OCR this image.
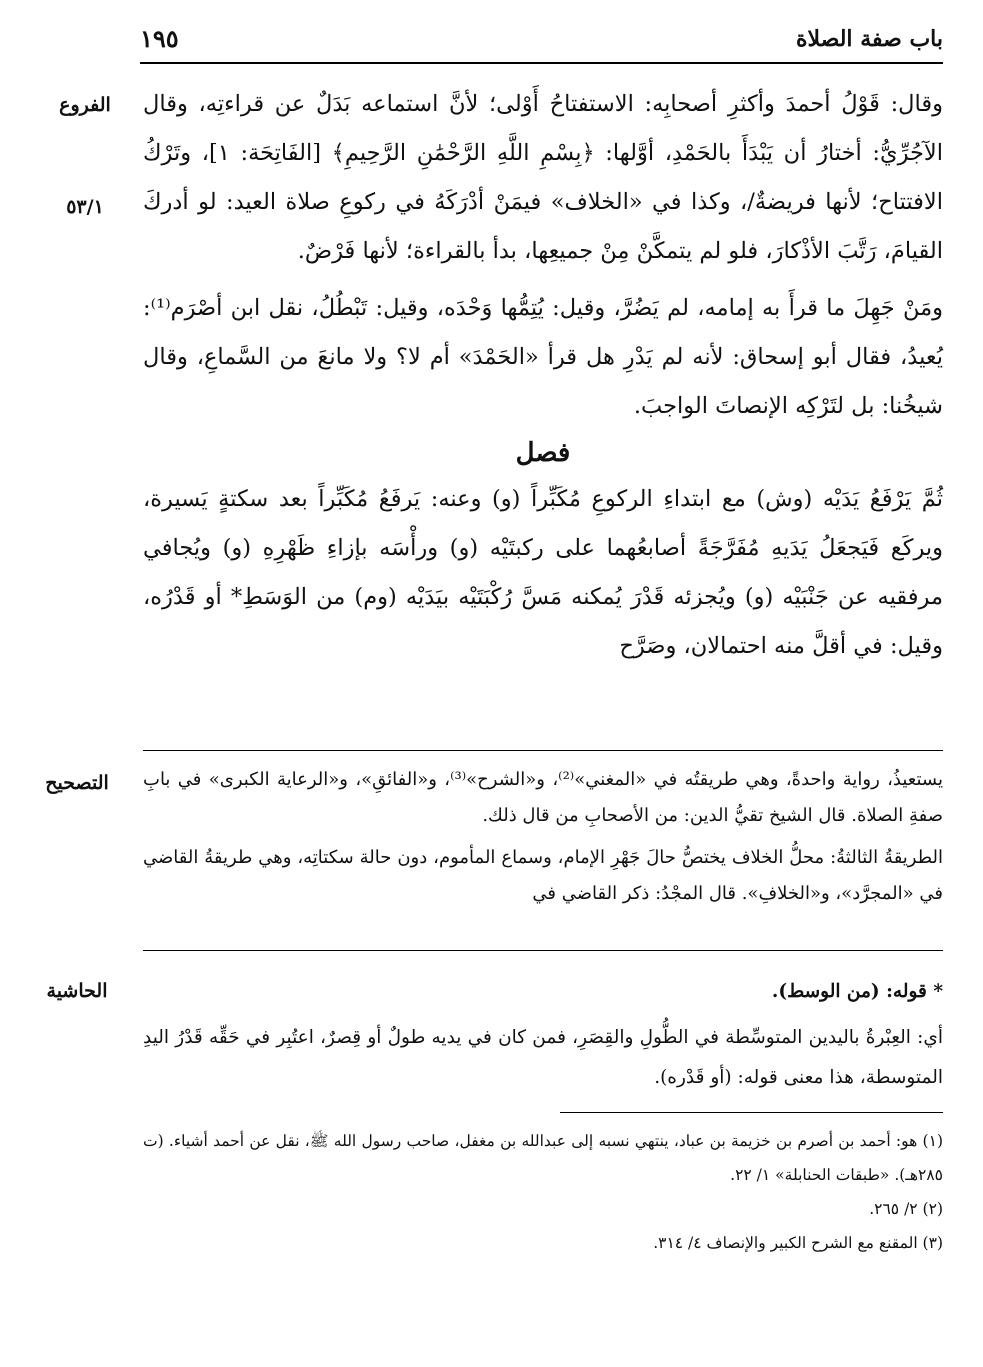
باب صفة الصلاة
١٩٥
الفروع
٥٣/١

وقال: قَوْلُ أحمدَ وأكثرِ أصحابِه: الاستفتاحُ أَوْلى؛ لأنَّ استماعه بَدَلٌ عن قراءتِه، وقال الآجُرِّيُّ: أختارُ أن يَبْدَأَ بالحَمْدِ، أوَّلها: ﴿بِسْمِ اللَّهِ الرَّحْمَٰنِ الرَّحِيمِ﴾ [الفَاتِحَة: ١]، وتَرْكُ الافتتاح؛ لأنها فريضةٌ/، وكذا في «الخلاف» فيمَنْ أدْرَكَهُ في ركوعِ صلاة العيد: لو أدركَ القيامَ، رَتَّبَ الأذْكارَ، فلو لم يتمكَّنْ مِنْ جميعِها، بدأ بالقراءة؛ لأنها فَرْضٌ.

ومَنْ جَهِلَ ما قرأَ به إمامه، لم يَضُرَّ، وقيل: يُتِمُّها وَحْدَه، وقيل: تَبْطُلُ، نقل ابن أصْرَم⁽¹⁾: يُعيدُ، فقال أبو إسحاق: لأنه لم يَدْرِ هل قرأ «الحَمْدَ» أم لا؟ ولا مانعَ من السَّماعِ، وقال شيخُنا: بل لتَرْكِه الإنصاتَ الواجبَ.

فصل

ثُمَّ يَرْفَعُ يَدَيْه (وش) مع ابتداءِ الركوعِ مُكَبِّراً (و) وعنه: يَرفَعُ مُكَبِّراً بعد سكتةٍ يَسيرة، ويركَع فَيَجعَلُ يَدَيهِ مُفَرَّجَةً أصابعُهما على ركبتَيْه (و) ورأْسَه بإزاءِ ظَهْرِهِ (و) ويُجافي مرفقيه عن جَنْبَيْه (و) ويُجزئه قَدْرَ يُمكنه مَسَّ رُكْبَتَيْه بيَدَيْه (وم) من الوَسَطِ* أو قَدْرُه، وقيل: في أقلَّ منه احتمالان، وصَرَّح

التصحيح	يستعيذُ، رواية واحدةً، وهي طريقتُه في «المغني»⁽²⁾، و«الشرح»⁽³⁾، و«الفائقِ»، و«الرعاية الكبرى» في بابِ صفةِ الصلاة. قال الشيخ تقيُّ الدين: من الأصحابِ من قال ذلك.

الطريقةُ الثالثةُ: محلُّ الخلاف يختصُّ حالَ جَهْرِ الإمام، وسماع المأموم، دون حالة سكتاتِه، وهي طريقةُ القاضي في «المجرَّد»، و«الخلافِ». قال المجْدُ: ذكر القاضي في

الحاشية	* قوله: (من الوسط).

أي: العِبْرةُ باليدين المتوسِّطة في الطُّولِ والقِصَرِ، فمن كان في يديه طولٌ أو قِصرٌ، اعتُبِر في حَقِّه قَدْرُ اليدِ المتوسطة، هذا معنى قوله: (أو قَدْره).

(١) هو: أحمد بن أصرم بن خزيمة بن عباد، ينتهي نسبه إلى عبدالله بن مغفل، صاحب رسول الله ﷺ، نقل عن أحمد أشياء. (ت ٢٨٥هـ). «طبقات الحنابلة» ١/ ٢٢.

(٢) ٢/ ٢٦٥.

(٣) المقنع مع الشرح الكبير والإنصاف ٤/ ٣١٤.
